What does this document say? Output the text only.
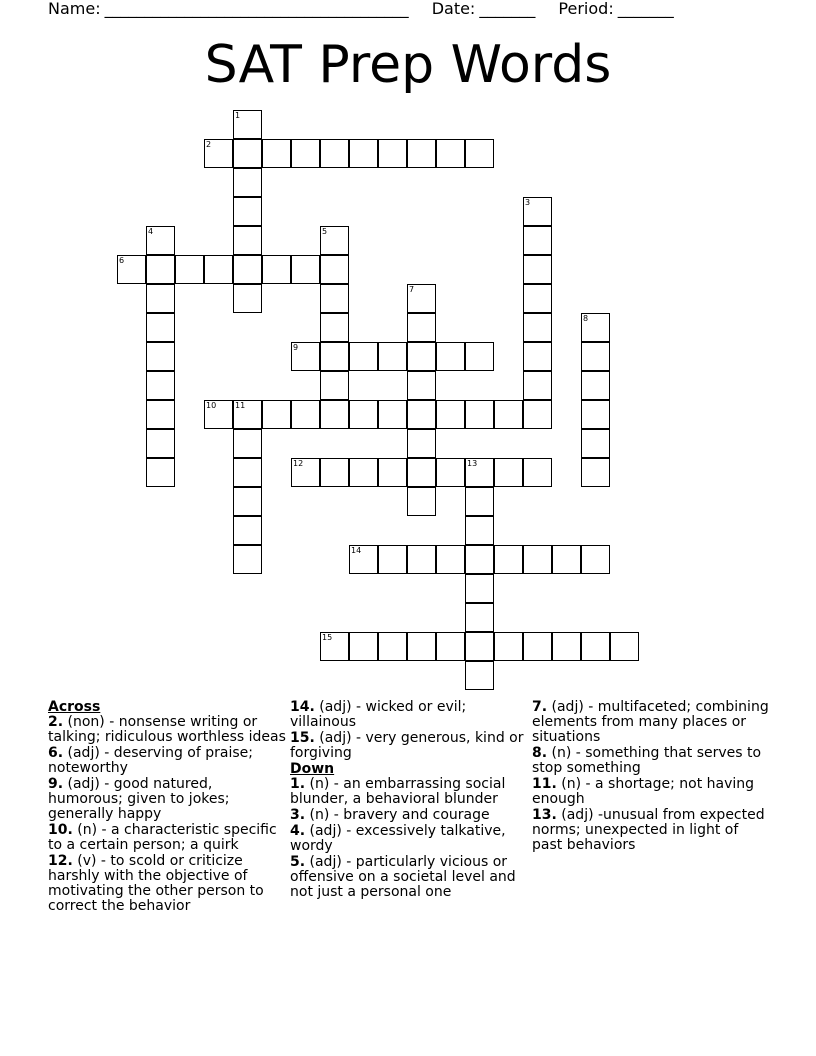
Name: ______________________________________ Date: _______ Period: _______
SAT Prep Words
1
2
3
4	5
6
7
8
9
10 11
12	13
14
15
Across
2. (non) - nonsense writing or talking; ridiculous worthless ideas
6. (adj) - deserving of praise; noteworthy
9. (adj) - good natured, humorous; given to jokes; generally happy
10. (n) - a characteristic specific to a certain person; a quirk
12. (v) - to scold or criticize harshly with the objective of motivating the other person to correct the behavior
14. (adj) - wicked or evil; villainous
15. (adj) - very generous, kind or forgiving
Down
1. (n) - an embarrassing social blunder, a behavioral blunder
3. (n) - bravery and courage
4. (adj) - excessively talkative, wordy
5. (adj) - particularly vicious or offensive on a societal level and not just a personal one
7. (adj) - multifaceted; combining elements from many places or situations
8. (n) - something that serves to stop something
11. (n) - a shortage; not having enough
13. (adj) -unusual from expected norms; unexpected in light of past behaviors
